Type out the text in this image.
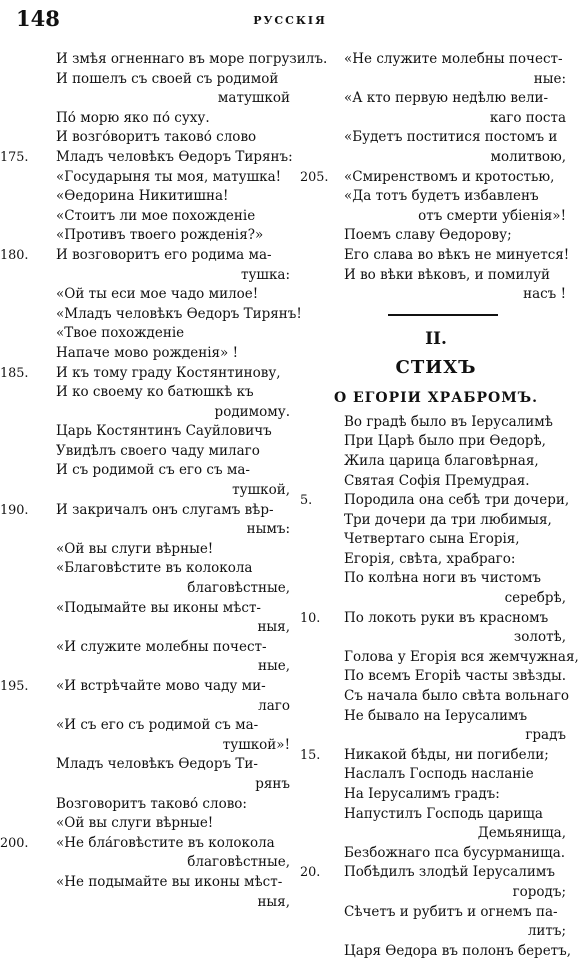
148	РУССКІЯ
И змѣя огненнаго въ море погрузилъ.
И пошелъ съ своей съ родимой
матушкой
По́ морю яко по́ суху.
И возго́воритъ таково́ слово
175. Младъ человѣкъ Ѳедоръ Тирянъ:
«Государыня ты моя, матушка!
«Ѳедорина Никитишна!
«Стоитъ ли мое похожденіе
«Противъ твоего рожденія?»
180. И возговоритъ его родима ма-
тушка:
«Ой ты еси мое чадо милое!
«Младъ человѣкъ Ѳедоръ Тирянъ!
«Твое похожденіе
Напаче мово рожденія» !
185. И къ тому граду Костянтинову,
И ко своему ко батюшкѣ къ
родимому.
Царь Костянтинъ Сауйловичъ
Увидѣлъ своего чаду милаго
И съ родимой съ его съ ма-
тушкой,
190. И закричалъ онъ слугамъ вѣр-
нымъ:
«Ой вы слуги вѣрные!
«Благовѣстите въ колокола
благовѣстные,
«Подымайте вы иконы мѣст-
ныя,
«И служите молебны почест-
ные,
195. «И встрѣчайте мово чаду ми-
лаго
«И съ его съ родимой съ ма-
тушкой»!
Младъ человѣкъ Ѳедоръ Ти-
рянъ
Возговоритъ таково́ слово:
«Ой вы слуги вѣрные!
200. «Не бла́говѣстите въ колокола
благовѣстные,
«Не подымайте вы иконы мѣст-
ныя,
«Не служите молебны почест-
ные:
«А кто первую недѣлю вели-
каго поста
«Будетъ поститися постомъ и
молитвою,
205. «Смиренствомъ и кротостью,
«Да тотъ будетъ избавленъ
отъ смерти убіенія»!
Поемъ славу Ѳедорову;
Его слава во вѣкъ не минуется!
И во вѣки вѣковъ, и помилуй
насъ !
II.
СТИХЪ
О ЕГОРІИ ХРАБРОМЪ.
Во градѣ было въ Іерусалимѣ
При Царѣ было при Ѳедорѣ,
Жила царица благовѣрная,
Святая Софія Премудрая.
5. Породила она себѣ три дочери,
Три дочери да три любимыя,
Четвертаго сына Егорія,
Егорія, свѣта, храбраго:
По колѣна ноги въ чистомъ
серебрѣ,
10. По локоть руки въ красномъ
золотѣ,
Голова у Егорія вся жемчужная,
По всемъ Егоріѣ часты звѣзды.
Съ начала было свѣта вольнаго
Не бывало на Іерусалимъ
градъ
15. Никакой бѣды, ни погибели;
Наслалъ Господь насланіе
На Іерусалимъ градъ:
Напустилъ Господь царища
Демьянища,
Безбожнаго пса бусурманища.
20. Побѣдилъ злодѣй Іерусалимъ
городъ;
Сѣчетъ и рубитъ и огнемъ па-
литъ;
Царя Ѳедора въ полонъ беретъ,
